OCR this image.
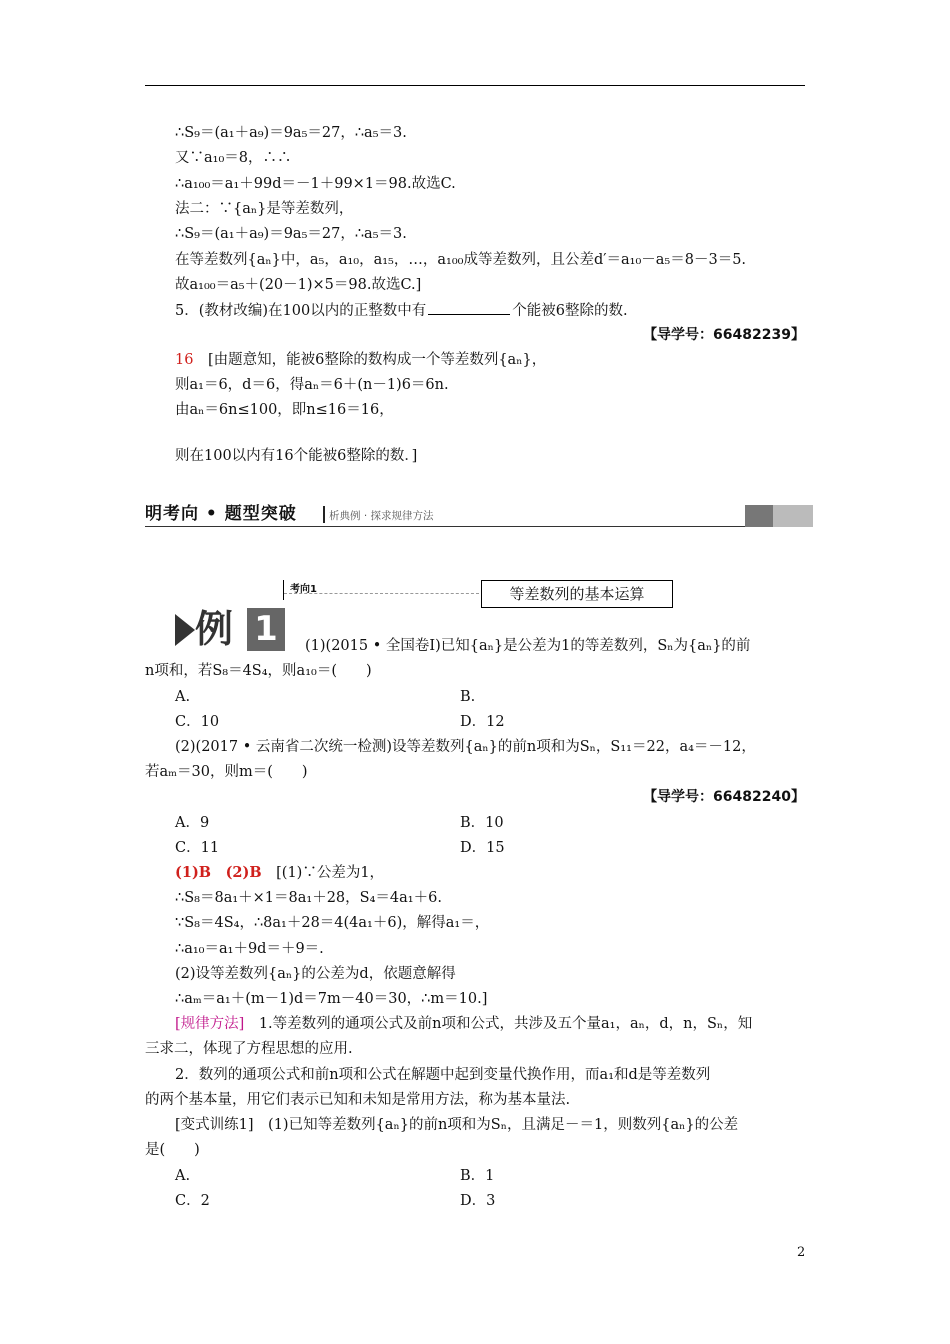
∴S₉＝(a₁＋a₉)＝9a₅＝27，∴a₅＝3.
又∵a₁₀＝8，∴∴
∴a₁₀₀＝a₁＋99d＝－1＋99×1＝98.故选C.
法二：∵{aₙ}是等差数列，
∴S₉＝(a₁＋a₉)＝9a₅＝27，∴a₅＝3.
在等差数列{aₙ}中，a₅，a₁₀，a₁₅，…，a₁₀₀成等差数列，且公差d′＝a₁₀－a₅＝8－3＝5.
故a₁₀₀＝a₅＋(20－1)×5＝98.故选C.]
5．(教材改编)在100以内的正整数中有	个能被6整除的数.
【导学号：66482239】
16　 [由题意知，能被6整除的数构成一个等差数列{aₙ}，
则a₁＝6，d＝6，得aₙ＝6＋(n－1)6＝6n.
由aₙ＝6n≤100，即n≤16＝16，
则在100以内有16个能被6整除的数．]
明考向 • 题型突破	析典例 · 探求规律方法
考向1	等差数列的基本运算
例 1	(1)(2015 • 全国卷Ⅰ)已知{aₙ}是公差为1的等差数列，Sₙ为{aₙ}的前
n项和，若S₈＝4S₄，则a₁₀＝(　　)
A.	B.
C．10	D．12
(2)(2017 • 云南省二次统一检测)设等差数列{aₙ}的前n项和为Sₙ，S₁₁＝22，a₄＝－12，
若aₘ＝30，则m＝(　　)
【导学号：66482240】
A．9	B．10
C．11	D．15
(1)B　(2)B　 [(1)∵公差为1，
∴S₈＝8a₁＋×1＝8a₁＋28，S₄＝4a₁＋6.
∵S₈＝4S₄，∴8a₁＋28＝4(4a₁＋6)，解得a₁＝，
∴a₁₀＝a₁＋9d＝＋9＝.
(2)设等差数列{aₙ}的公差为d，依题意解得
∴aₘ＝a₁＋(m－1)d＝7m－40＝30，∴m＝10.]
[规律方法]　1.等差数列的通项公式及前n项和公式，共涉及五个量a₁，aₙ，d，n，Sₙ，知
三求二，体现了方程思想的应用.
2．数列的通项公式和前n项和公式在解题中起到变量代换作用，而a₁和d是等差数列
的两个基本量，用它们表示已知和未知是常用方法，称为基本量法.
[变式训练1]　(1)已知等差数列{aₙ}的前n项和为Sₙ，且满足－＝1，则数列{aₙ}的公差
是(　　)
A.	B．1
C．2	D．3
2
